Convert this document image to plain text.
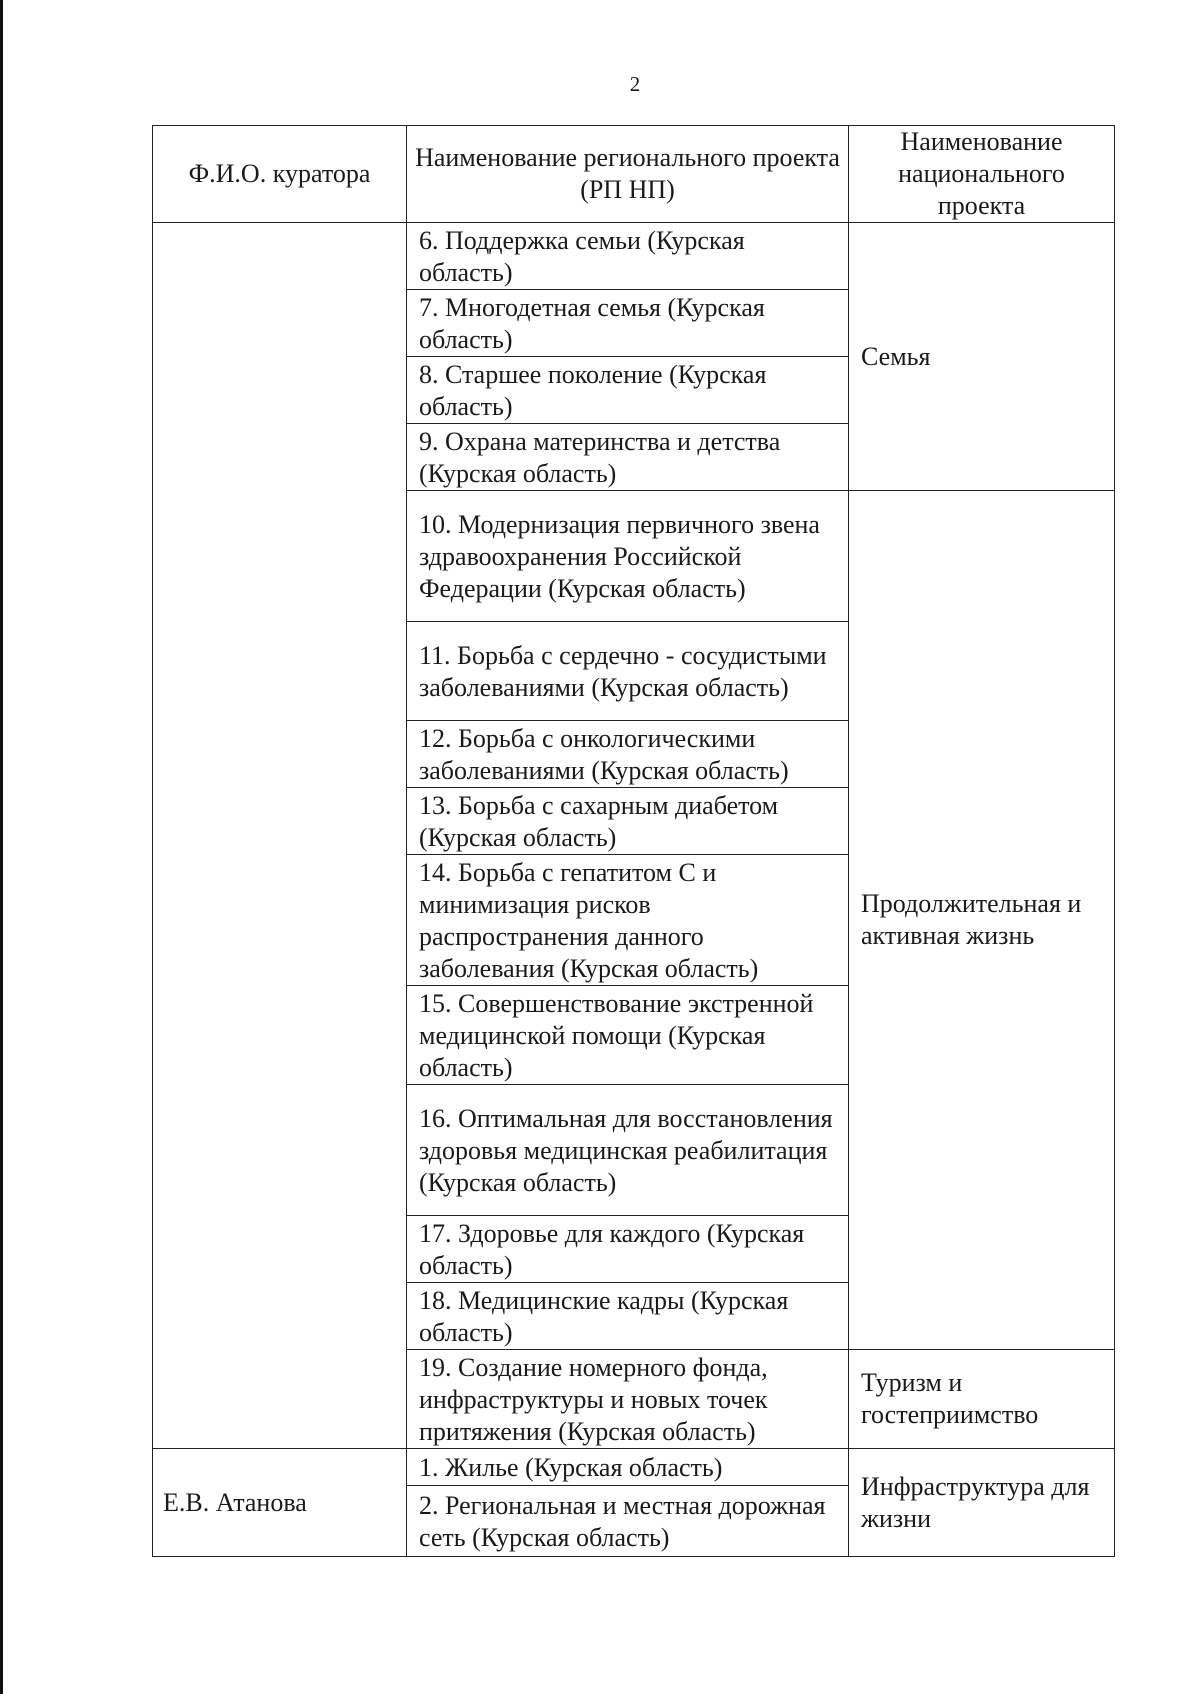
2
Ф.И.О. куратора	Наименование регионального проекта (РП НП)	Наименование национального проекта
	6. Поддержка семьи (Курская область)	Семья
	7. Многодетная семья (Курская область)	
	8. Старшее поколение (Курская область)	
	9. Охрана материнства и детства (Курская область)	
	10. Модернизация первичного звена здравоохранения Российской Федерации (Курская область)	Продолжительная и активная жизнь
	11. Борьба с сердечно - сосудистыми заболеваниями (Курская область)	
	12. Борьба с онкологическими заболеваниями (Курская область)	
	13. Борьба с сахарным диабетом (Курская область)	
	14. Борьба с гепатитом С и минимизация рисков распространения данного заболевания (Курская область)	
	15. Совершенствование экстренной медицинской помощи (Курская область)	
	16. Оптимальная для восстановления здоровья медицинская реабилитация (Курская область)	
	17. Здоровье для каждого (Курская область)	
	18. Медицинские кадры (Курская область)	
	19. Создание номерного фонда, инфраструктуры и новых точек притяжения (Курская область)	Туризм и гостеприимство
Е.В. Атанова	1. Жилье (Курская область)	Инфраструктура для жизни
	2. Региональная и местная дорожная сеть (Курская область)	
